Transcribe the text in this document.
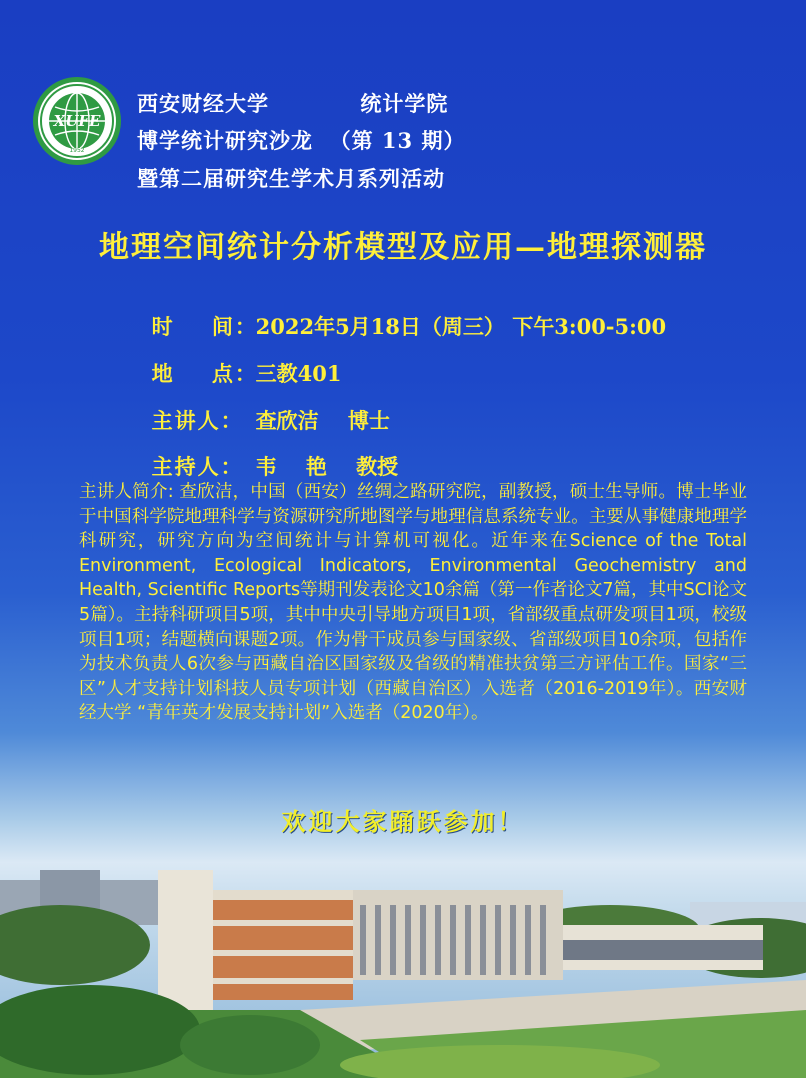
XUFE
1952
西安财经大学           统计学院
博学统计研究沙龙  （第 13 期）
暨第二届研究生学术月系列活动
地理空间统计分析模型及应用—地理探测器

时    间：2022年5月18日（周三） 下午3:00-5:00

地    点：三教401

主讲人： 查欣洁    博士

主持人： 韦    艳    教授

主讲人简介: 查欣洁，中国（西安）丝绸之路研究院，副教授，硕士生导师。博士毕业于中国科学院地理科学与资源研究所地图学与地理信息系统专业。主要从事健康地理学科研究，研究方向为空间统计与计算机可视化。近年来在Science of the Total Environment, Ecological Indicators, Environmental Geochemistry and Health, Scientific Reports等期刊发表论文10余篇（第一作者论文7篇，其中SCI论文5篇）。主持科研项目5项，其中中央引导地方项目1项，省部级重点研发项目1项，校级项目1项；结题横向课题2项。作为骨干成员参与国家级、省部级项目10余项，包括作为技术负责人6次参与西藏自治区国家级及省级的精准扶贫第三方评估工作。国家“三区”人才支持计划科技人员专项计划（西藏自治区）入选者（2016-2019年）。西安财经大学 “青年英才发展支持计划”入选者（2020年）。
欢迎大家踊跃参加！
